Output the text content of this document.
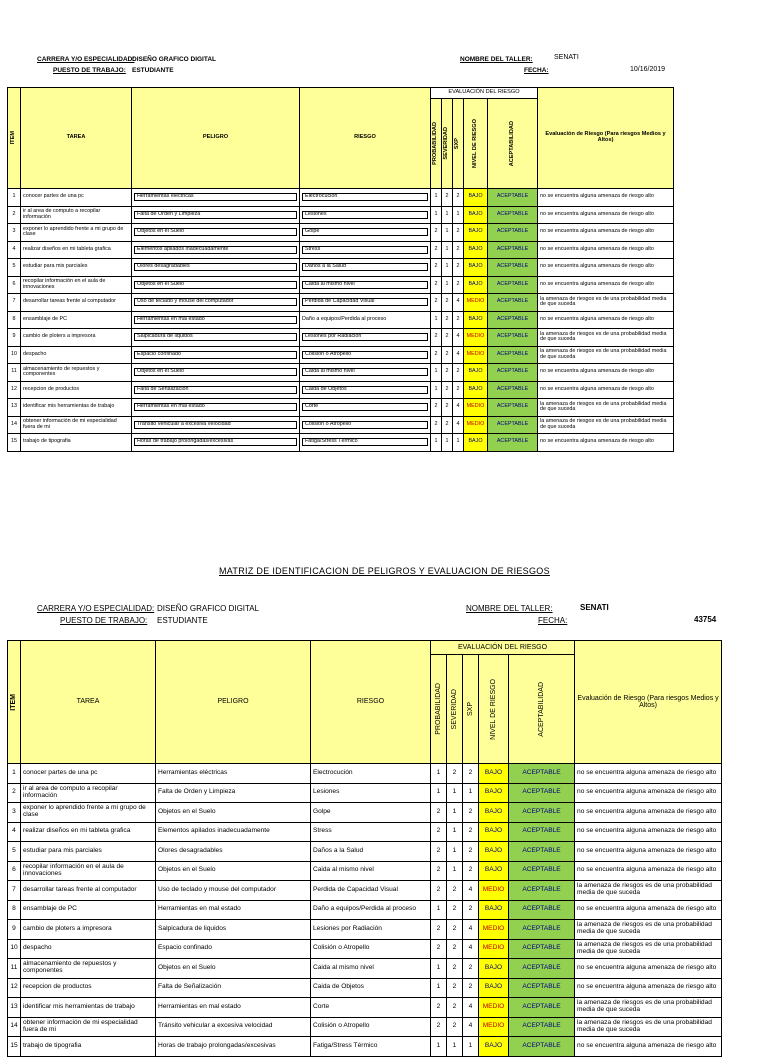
CARRERA Y/O ESPECIALIDAD:
DISEÑO GRAFICO DIGITAL
PUESTO DE TRABAJO: ESTUDIANTE
NOMBRE DEL TALLER:	SENATI
FECHA:	10/16/2019
ITEM	TAREA	PELIGRO	RIESGO	EVALUACIÓN DEL RIESGO					Evaluación de Riesgo (Para riesgos Medios y Altos)

				PROBABILIDAD	SEVERIDAD	SXP	NIVEL DE RIESGO	ACEPTABILIDAD	

1	conocer partes de una pc	Herramientas eléctricas	Electrocución	1	2	2	BAJO	ACEPTABLE	no se encuentra alguna amenaza de riesgo alto
2	ir al area de computo a recopilar información	Falta de Orden y Limpieza	Lesiones	1	1	1	BAJO	ACEPTABLE	no se encuentra alguna amenaza de riesgo alto
3	exponer lo aprendido frente a mi grupo de clase	Objetos en el Suelo	Golpe	2	1	2	BAJO	ACEPTABLE	no se encuentra alguna amenaza de riesgo alto
4	realizar diseños en mi tableta grafica	Elementos apilados inadecuadamente	Stress	2	1	2	BAJO	ACEPTABLE	no se encuentra alguna amenaza de riesgo alto
5	estudiar para mis parciales	Olores desagradables	Daños a la Salud	2	1	2	BAJO	ACEPTABLE	no se encuentra alguna amenaza de riesgo alto
6	recopilar información en el aula de innovaciones	Objetos en el Suelo	Caida al mismo nivel	2	1	2	BAJO	ACEPTABLE	no se encuentra alguna amenaza de riesgo alto
7	desarrollar tareas frente al computador	Uso de teclado y mouse del computador	Perdida de Capacidad Visual	2	2	4	MEDIO	ACEPTABLE	la amenaza de riesgos es de una probabilidad media de que suceda
8	ensamblaje de PC	Herramientas en mal estado	Daño a equipos/Perdida al proceso	1	2	2	BAJO	ACEPTABLE	no se encuentra alguna amenaza de riesgo alto
9	cambio de ploters a impresora	Salpicadura de liquidos	Lesiones por Radiación	2	2	4	MEDIO	ACEPTABLE	la amenaza de riesgos es de una probabilidad media de que suceda
10	despacho	Espacio confinado	Colisión o Atropello	2	2	4	MEDIO	ACEPTABLE	la amenaza de riesgos es de una probabilidad media de que suceda
11	almacenamiento de repuestos y componentes	Objetos en el Suelo	Caida al mismo nivel	1	2	2	BAJO	ACEPTABLE	no se encuentra alguna amenaza de riesgo alto
12	recepcion de productos	Falta de Señalización	Caida de Objetos	1	2	2	BAJO	ACEPTABLE	no se encuentra alguna amenaza de riesgo alto
13	identificar mis herramientas de trabajo	Herramientas en mal estado	Corte	2	2	4	MEDIO	ACEPTABLE	la amenaza de riesgos es de una probabilidad media de que suceda
14	obtener información de mi especialidad fuera de mi	Tránsito vehicular a excesiva velocidad	Colisión o Atropello	2	2	4	MEDIO	ACEPTABLE	la amenaza de riesgos es de una probabilidad media de que suceda
15	trabajo de tipografia	Horas de trabajo prolongadas/excesivas	Fatiga/Stress Térmico	1	1	1	BAJO	ACEPTABLE	no se encuentra alguna amenaza de riesgo alto
MATRIZ DE IDENTIFICACION DE PELIGROS Y EVALUACION DE RIESGOS
CARRERA Y/O ESPECIALIDAD: DISEÑO GRAFICO DIGITAL
PUESTO DE TRABAJO: ESTUDIANTE
NOMBRE DEL TALLER:	SENATI
FECHA:	43754
ITEM	TAREA	PELIGRO	RIESGO	EVALUACIÓN DEL RIESGO					Evaluación de Riesgo (Para riesgos Medios y Altos)

				PROBABILIDAD	SEVERIDAD	SXP	NIVEL DE RIESGO	ACEPTABILIDAD	

1	conocer partes de una pc	Herramientas eléctricas	Electrocución	1	2	2	BAJO	ACEPTABLE	no se encuentra alguna amenaza de riesgo alto
2	ir al area de computo a recopilar información	Falta de Orden y Limpieza	Lesiones	1	1	1	BAJO	ACEPTABLE	no se encuentra alguna amenaza de riesgo alto
3	exponer lo aprendido frente a mi grupo de clase	Objetos en el Suelo	Golpe	2	1	2	BAJO	ACEPTABLE	no se encuentra alguna amenaza de riesgo alto
4	realizar diseños en mi tableta grafica	Elementos apilados inadecuadamente	Stress	2	1	2	BAJO	ACEPTABLE	no se encuentra alguna amenaza de riesgo alto
5	estudiar para mis parciales	Olores desagradables	Daños a la Salud	2	1	2	BAJO	ACEPTABLE	no se encuentra alguna amenaza de riesgo alto
6	recopilar información en el aula de innovaciones	Objetos en el Suelo	Caida al mismo nivel	2	1	2	BAJO	ACEPTABLE	no se encuentra alguna amenaza de riesgo alto
7	desarrollar tareas frente al computador	Uso de teclado y mouse del computador	Perdida de Capacidad Visual	2	2	4	MEDIO	ACEPTABLE	la amenaza de riesgos es de una probabilidad media de que suceda
8	ensamblaje de PC	Herramientas en mal estado	Daño a equipos/Perdida al proceso	1	2	2	BAJO	ACEPTABLE	no se encuentra alguna amenaza de riesgo alto
9	cambio de ploters a impresora	Salpicadura de liquidos	Lesiones por Radiación	2	2	4	MEDIO	ACEPTABLE	la amenaza de riesgos es de una probabilidad media de que suceda
10	despacho	Espacio confinado	Colisión o Atropello	2	2	4	MEDIO	ACEPTABLE	la amenaza de riesgos es de una probabilidad media de que suceda
11	almacenamiento de repuestos y componentes	Objetos en el Suelo	Caida al mismo nivel	1	2	2	BAJO	ACEPTABLE	no se encuentra alguna amenaza de riesgo alto
12	recepcion de productos	Falta de Señalización	Caida de Objetos	1	2	2	BAJO	ACEPTABLE	no se encuentra alguna amenaza de riesgo alto
13	identificar mis herramientas de trabajo	Herramientas en mal estado	Corte	2	2	4	MEDIO	ACEPTABLE	la amenaza de riesgos es de una probabilidad media de que suceda
14	obtener información de mi especialidad fuera de mi	Tránsito vehicular a excesiva velocidad	Colisión o Atropello	2	2	4	MEDIO	ACEPTABLE	la amenaza de riesgos es de una probabilidad media de que suceda
15	trabajo de tipografia	Horas de trabajo prolongadas/excesivas	Fatiga/Stress Térmico	1	1	1	BAJO	ACEPTABLE	no se encuentra alguna amenaza de riesgo alto
